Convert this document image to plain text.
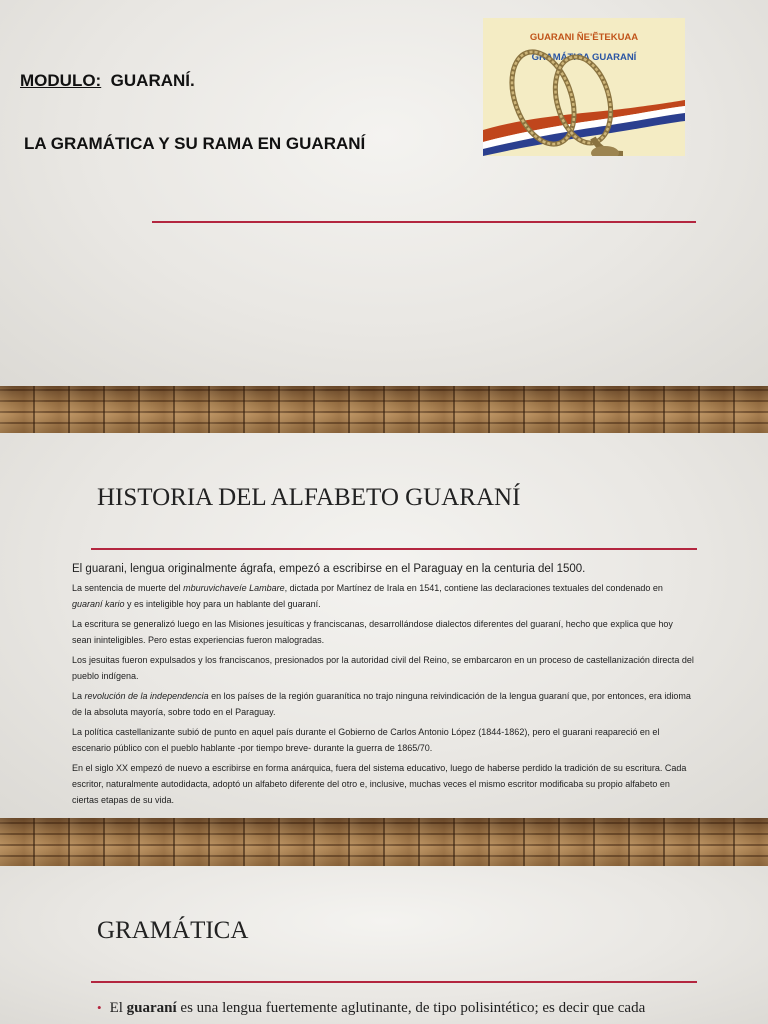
MODULO: GUARANÍ.
LA GRAMÁTICA Y SU RAMA EN GUARANÍ
GUARANI ÑE'ẼTEKUAA
GRAMÁTICA GUARANÍ
HISTORIA DEL ALFABETO GUARANÍ

El guarani, lengua originalmente ágrafa, empezó a escribirse en el Paraguay en la centuria del 1500.

La sentencia de muerte del mburuvichaveíe Lambare, dictada por Martínez de Irala en 1541, contiene las declaraciones textuales del condenado en guaraní kario y es inteligible hoy para un hablante del guaraní.

La escritura se generalizó luego en las Misiones jesuíticas y franciscanas, desarrollándose dialectos diferentes del guaraní, hecho que explica que hoy sean ininteligibles. Pero estas experiencias fueron malogradas.

Los jesuitas fueron expulsados y los franciscanos, presionados por la autoridad civil del Reino, se embarcaron en un proceso de castellanización directa del pueblo indígena.

La revolución de la independencia en los países de la región guaranítica no trajo ninguna reivindicación de la lengua guaraní que, por entonces, era idioma de la absoluta mayoría, sobre todo en el Paraguay.

La política castellanizante subió de punto en aquel país durante el Gobierno de Carlos Antonio López (1844-1862), pero el guarani reapareció en el escenario público con el pueblo hablante -por tiempo breve- durante la guerra de 1865/70.

En el siglo XX empezó de nuevo a escribirse en forma anárquica, fuera del sistema educativo, luego de haberse perdido la tradición de su escritura. Cada escritor, naturalmente autodidacta, adoptó un alfabeto diferente del otro e, inclusive, muchas veces el mismo escritor modificaba su propio alfabeto en ciertas etapas de su vida.

GRAMÁTICA
• El guaraní es una lengua fuertemente aglutinante, de tipo polisintético; es decir que cada
